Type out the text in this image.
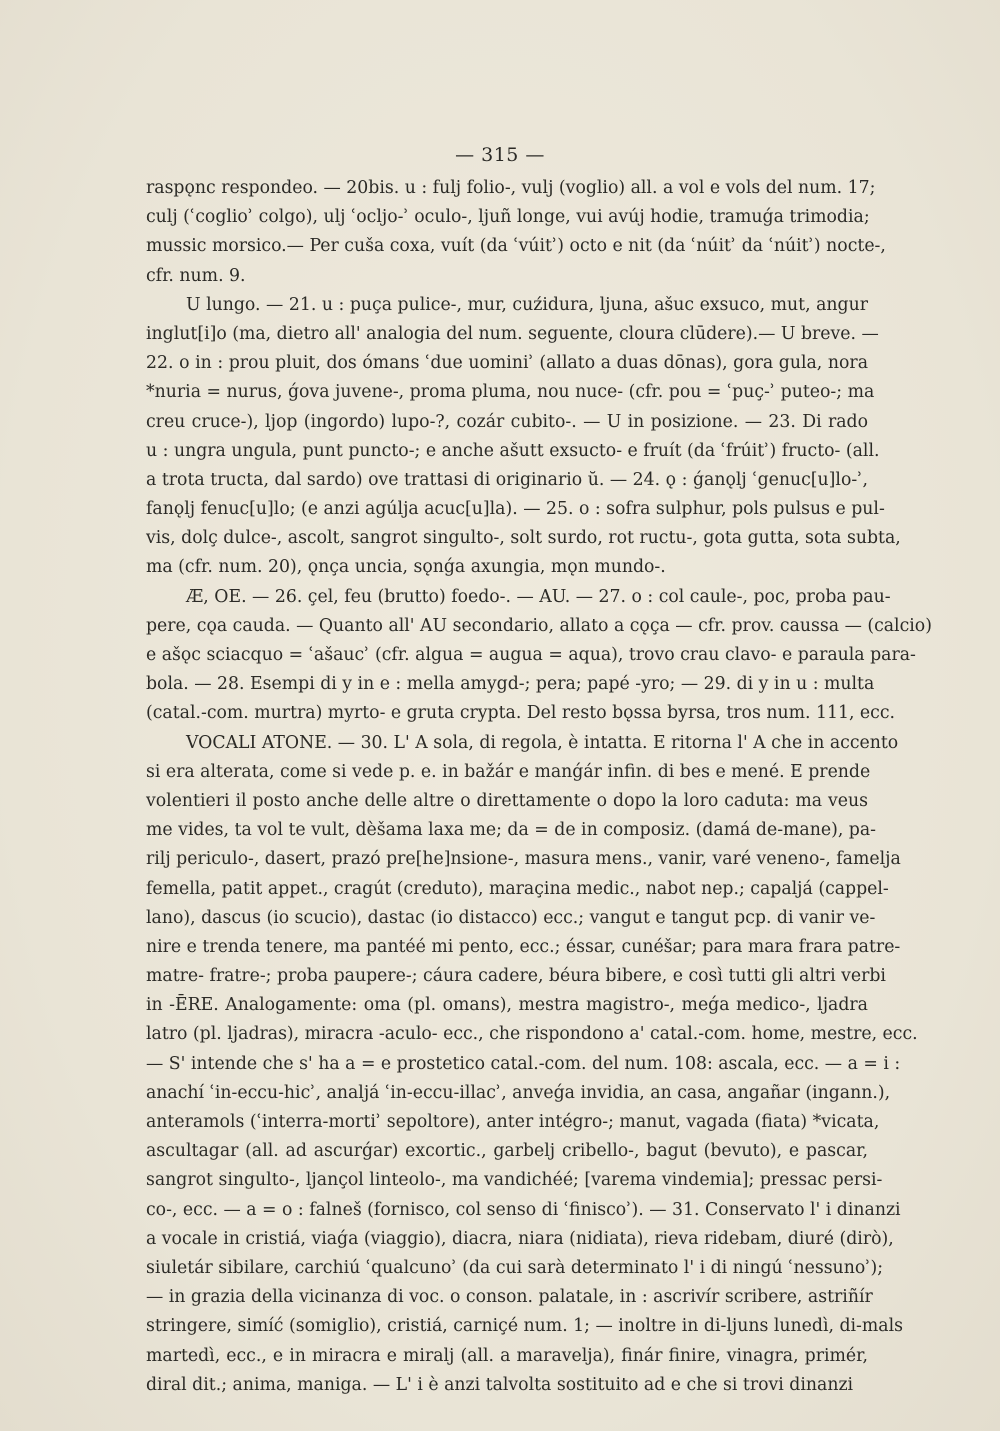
— 315 —
raspǫnc respondeo. — 20bis. u : fulj folio-, vulj (voglio) all. a vol e vols del num. 17;
culj (ʿcoglioʾ colgo), ulj ʿocljo-ʾ oculo-, ljuñ longe, vui avúj hodie, tramuǵa trimodia;
mussic morsico.— Per cuša coxa, vuít (da ʿvúitʾ) octo e nit (da ʿnúitʾ da ʿnúitʾ) nocte-,
cfr. num. 9.
U lungo. — 21. u : puça pulice-, mur, cuźidura, ljuna, ašuc exsuco, mut, angur
inglut[i]o (ma, dietro all' analogia del num. seguente, cloura clūdere).— U breve. —
22. o in : prou pluit, dos ómans ʿdue uominiʾ (allato a duas dōnas), gora gula, nora
*nuria = nurus, ǵova juvene-, proma pluma, nou nuce- (cfr. pou = ʿpuç-ʾ puteo-; ma
creu cruce-), ljop (ingordo) lupo-?, cozár cubito-. — U in posizione. — 23. Di rado
u : ungra ungula, punt puncto-; e anche ašutt exsucto- e fruít (da ʿfrúitʾ) fructo- (all.
a trota tructa, dal sardo) ove trattasi di originario ŭ. — 24. ǫ : ǵanǫlj ʿgenuc[u]lo-ʾ,
fanǫlj fenuc[u]lo; (e anzi agúlja acuc[u]la). — 25. o : sofra sulphur, pols pulsus e pul-
vis, dolç dulce-, ascolt, sangrot singulto-, solt surdo, rot ructu-, gota gutta, sota subta,
ma (cfr. num. 20), ǫnça uncia, sǫnǵa axungia, mǫn mundo-.
Æ, OE. — 26. çel, feu (brutto) foedo-. — AU. — 27. o : col caule-, poc, proba pau-
pere, cǫa cauda. — Quanto all' AU secondario, allato a cǫça — cfr. prov. caussa — (calcio)
e ašǫc sciacquo = ʿašaucʾ (cfr. algua = augua = aqua), trovo crau clavo- e paraula para-
bola. — 28. Esempi di y in e : mella amygd-; pera; papé -yro; — 29. di y in u : multa
(catal.-com. murtra) myrto- e gruta crypta. Del resto bǫssa byrsa, tros num. 111, ecc.
VOCALI ATONE. — 30. L' A sola, di regola, è intatta. E ritorna l' A che in accento
si era alterata, come si vede p. e. in bažár e manǵár infin. di bes e mené. E prende
volentieri il posto anche delle altre o direttamente o dopo la loro caduta: ma veus
me vides, ta vol te vult, dèšama laxa me; da = de in composiz. (damá de-mane), pa-
rilj periculo-, dasert, prazó pre[he]nsione-, masura mens., vanir, varé veneno-, famelja
femella, patit appet., cragút (creduto), maraçina medic., nabot nep.; capaljá (cappel-
lano), dascus (io scucio), dastac (io distacco) ecc.; vangut e tangut pcp. di vanir ve-
nire e trenda tenere, ma pantéé mi pento, ecc.; éssar, cunéšar; para mara frara patre-
matre- fratre-; proba paupere-; cáura cadere, béura bibere, e così tutti gli altri verbi
in -ĒRE. Analogamente: oma (pl. omans), mestra magistro-, meǵa medico-, ljadra
latro (pl. ljadras), miracra -aculo- ecc., che rispondono a' catal.-com. home, mestre, ecc.
— S' intende che s' ha a = e prostetico catal.-com. del num. 108: ascala, ecc. — a = i :
anachí ʿin-eccu-hicʾ, analjá ʿin-eccu-illacʾ, anveǵa invidia, an casa, angañar (ingann.),
anteramols (ʿinterra-mortiʾ sepoltore), anter intégro-; manut, vagada (fiata) *vicata,
ascultagar (all. ad ascurǵar) excortic., garbelj cribello-, bagut (bevuto), e pascar,
sangrot singulto-, ljançol linteolo-, ma vandichéé; [varema vindemia]; pressac persi-
co-, ecc. — a = o : falneš (fornisco, col senso di ʿfiniscoʾ). — 31. Conservato l' i dinanzi
a vocale in cristiá, viaǵa (viaggio), diacra, niara (nidiata), rieva ridebam, diuré (dirò),
siuletár sibilare, carchiú ʿqualcunoʾ (da cui sarà determinato l' i di ningú ʿnessunoʾ);
— in grazia della vicinanza di voc. o conson. palatale, in : ascrivír scribere, astriñír
stringere, simíć (somiglio), cristiá, carniçé num. 1; — inoltre in di-ljuns lunedì, di-mals
martedì, ecc., e in miracra e miralj (all. a maravelja), finár finire, vinagra, primér,
diral dit.; anima, maniga. — L' i è anzi talvolta sostituito ad e che si trovi dinanzi
